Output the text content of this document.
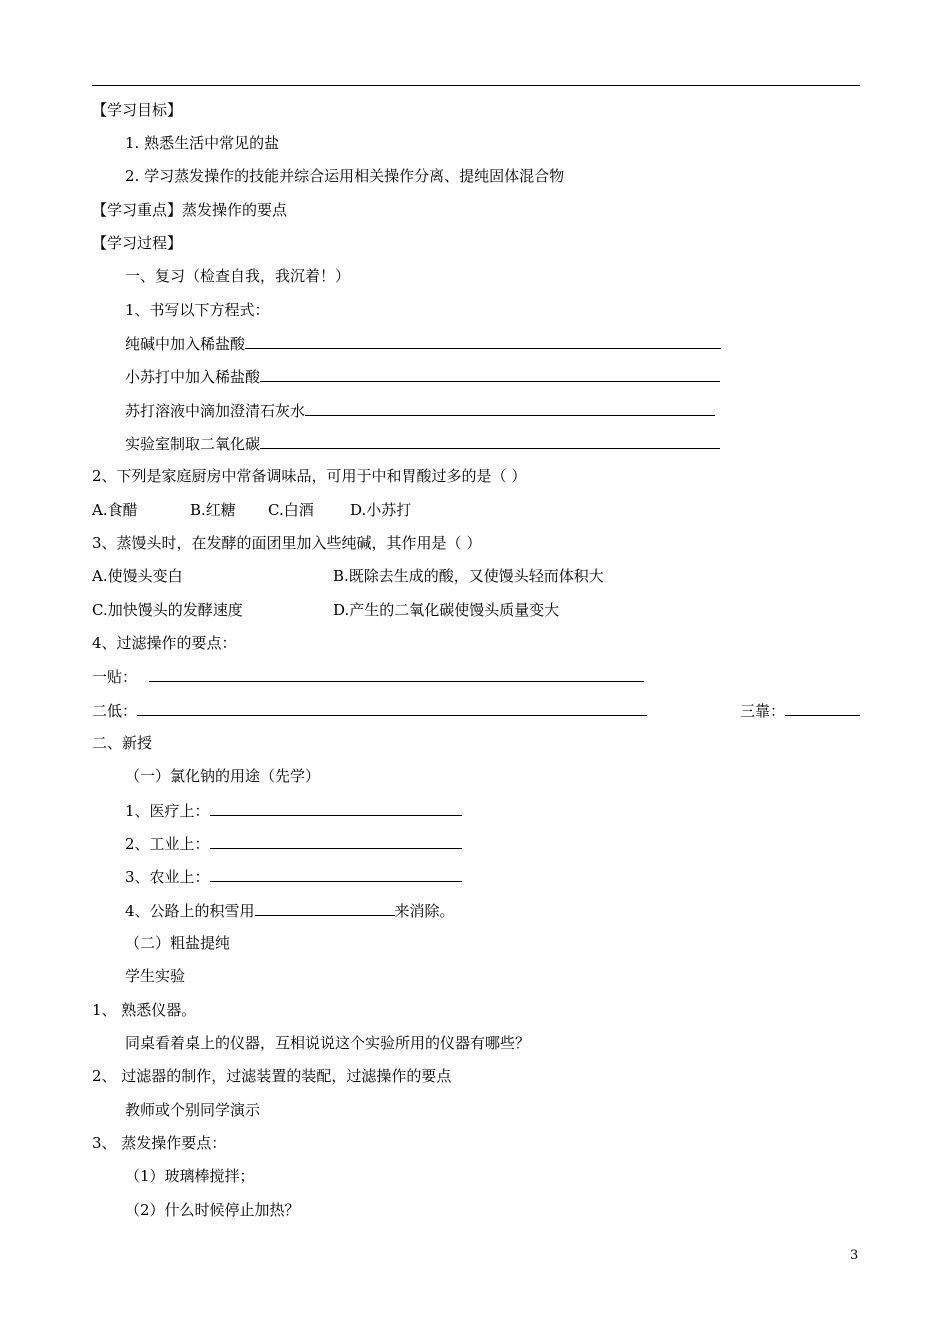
【学习目标】
1. 熟悉生活中常见的盐
2. 学习蒸发操作的技能并综合运用相关操作分离、提纯固体混合物
【学习重点】蒸发操作的要点
【学习过程】
一、复习（检查自我，我沉着！）
1、书写以下方程式：
纯碱中加入稀盐酸
小苏打中加入稀盐酸
苏打溶液中滴加澄清石灰水
实验室制取二氧化碳
2、下列是家庭厨房中常备调味品，可用于中和胃酸过多的是（ ）
A.食醋	B.红糖 C.白酒 D.小苏打
3、蒸馒头时，在发酵的面团里加入些纯碱，其作用是（ ）
A.使馒头变白	B.既除去生成的酸，又使馒头轻而体积大
C.加快馒头的发酵速度	D.产生的二氧化碳使馒头质量变大
4、过滤操作的要点：
一贴：
二低：	三靠：
二、新授
（一）氯化钠的用途（先学）
1、医疗上：
2、工业上：
3、农业上：
4、公路上的积雪用	来消除。
（二）粗盐提纯
学生实验
1、 熟悉仪器。
同桌看着桌上的仪器，互相说说这个实验所用的仪器有哪些？
2、 过滤器的制作，过滤装置的装配，过滤操作的要点
教师或个别同学演示
3、 蒸发操作要点：
（1）玻璃棒搅拌；
（2）什么时候停止加热？
3
